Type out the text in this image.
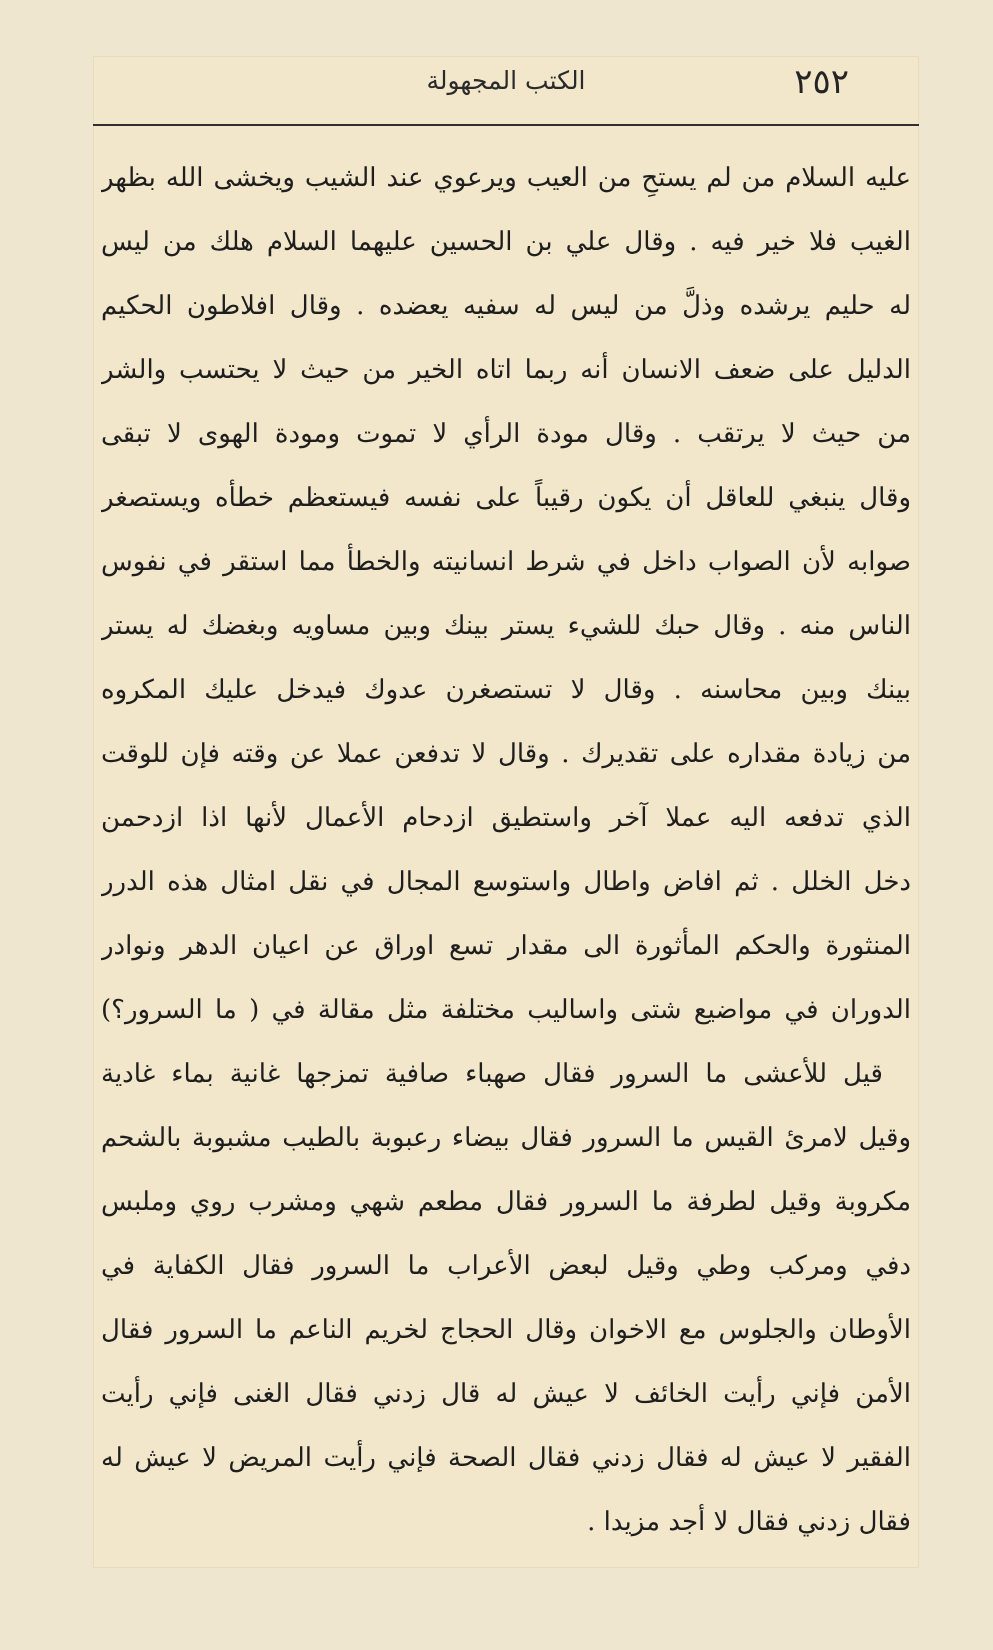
الكتب المجهولة	٢٥٢
عليه السلام من لم يستحِ من العيب ويرعوي عند الشيب ويخشى الله بظهر
الغيب فلا خير فيه . وقال علي بن الحسين عليهما السلام هلك من ليس
له حليم يرشده وذلَّ من ليس له سفيه يعضده . وقال افلاطون الحكيم
الدليل على ضعف الانسان أنه ربما اتاه الخير من حيث لا يحتسب والشر
من حيث لا يرتقب . وقال مودة الرأي لا تموت ومودة الهوى لا تبقى
وقال ينبغي للعاقل أن يكون رقيباً على نفسه فيستعظم خطأه ويستصغر
صوابه لأن الصواب داخل في شرط انسانيته والخطأ مما استقر في نفوس
الناس منه . وقال حبك للشيء يستر بينك وبين مساويه وبغضك له يستر
بينك وبين محاسنه . وقال لا تستصغرن عدوك فيدخل عليك المكروه
من زيادة مقداره على تقديرك . وقال لا تدفعن عملا عن وقته فإن للوقت
الذي تدفعه اليه عملا آخر واستطيق ازدحام الأعمال لأنها اذا ازدحمن
دخل الخلل . ثم افاض واطال واستوسع المجال في نقل امثال هذه الدرر
المنثورة والحكم المأثورة الى مقدار تسع اوراق عن اعيان الدهر ونوادر
الدوران في مواضيع شتى واساليب مختلفة مثل مقالة في ( ما السرور؟)
قيل للأعشى ما السرور فقال صهباء صافية تمزجها غانية بماء غادية
وقيل لامرئ القيس ما السرور فقال بيضاء رعبوبة بالطيب مشبوبة بالشحم
مكروبة وقيل لطرفة ما السرور فقال مطعم شهي ومشرب روي وملبس
دفي ومركب وطي وقيل لبعض الأعراب ما السرور فقال الكفاية في
الأوطان والجلوس مع الاخوان وقال الحجاج لخريم الناعم ما السرور فقال
الأمن فإني رأيت الخائف لا عيش له قال زدني فقال الغنى فإني رأيت
الفقير لا عيش له فقال زدني فقال الصحة فإني رأيت المريض لا عيش له
فقال زدني فقال لا أجد مزيدا .
